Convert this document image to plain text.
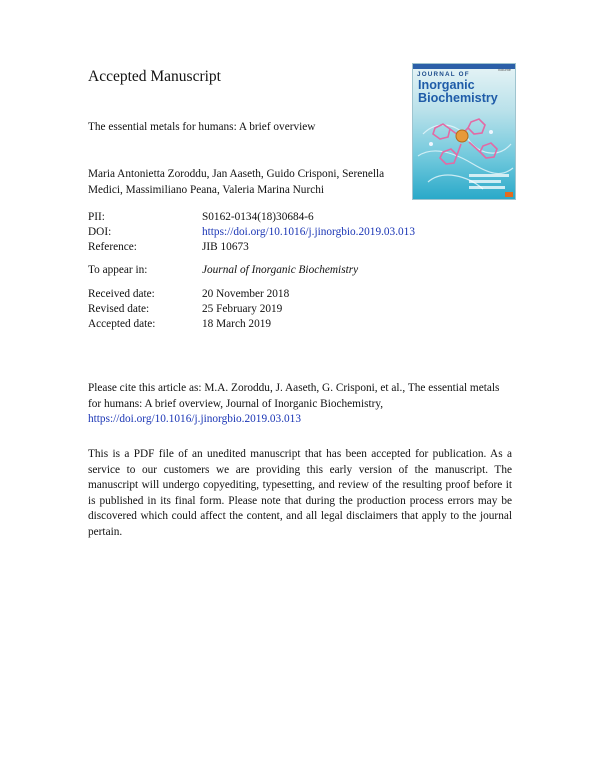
Accepted Manuscript
The essential metals for humans: A brief overview
Maria Antonietta Zoroddu, Jan Aaseth, Guido Crisponi, Serenella Medici, Massimiliano Peana, Valeria Marina Nurchi
Volume
JOURNAL OF
Inorganic Biochemistry
PII:	S0162-0134(18)30684-6
DOI:	https://doi.org/10.1016/j.jinorgbio.2019.03.013
Reference:	JIB 10673
To appear in:	Journal of Inorganic Biochemistry
Received date:	20 November 2018
Revised date:	25 February 2019
Accepted date:	18 March 2019
Please cite this article as: M.A. Zoroddu, J. Aaseth, G. Crisponi, et al., The essential metals for humans: A brief overview, Journal of Inorganic Biochemistry, https://doi.org/10.1016/j.jinorgbio.2019.03.013
This is a PDF file of an unedited manuscript that has been accepted for publication. As a service to our customers we are providing this early version of the manuscript. The manuscript will undergo copyediting, typesetting, and review of the resulting proof before it is published in its final form. Please note that during the production process errors may be discovered which could affect the content, and all legal disclaimers that apply to the journal pertain.
